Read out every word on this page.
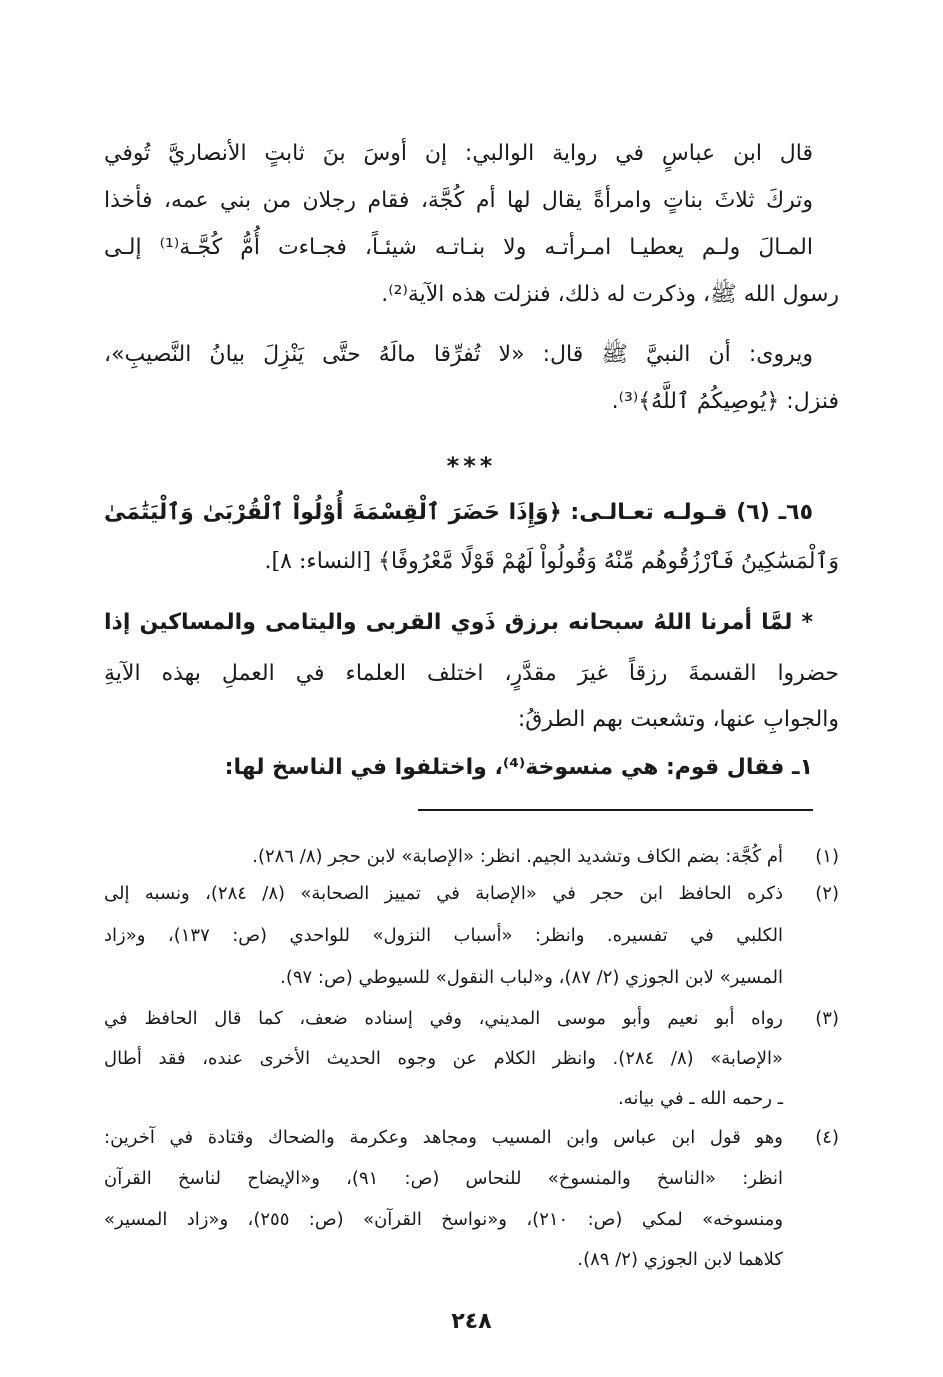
قال ابن عباسٍ في رواية الوالبي: إن أوسَ بنَ ثابتٍ الأنصاريَّ تُوفي
وتركَ ثلاثَ بناتٍ وامرأةً يقال لها أم كُجَّة، فقام رجلان من بني عمه، فأخذا
المـالَ ولـم يعطيـا امـرأتـه ولا بنـاتـه شيئـاً، فجـاءت أُمُّ كُجَّـة⁽¹⁾ إلـى
رسول الله ﷺ، وذكرت له ذلك، فنزلت هذه الآية⁽²⁾.
ويروى: أن النبيَّ ﷺ قال: «لا تُفرِّقا مالَهُ حتَّى يَنْزِلَ بيانُ النَّصيبِ»،
فنزل: ﴿يُوصِيكُمُ ٱللَّهُ﴾⁽³⁾.
***
٦٥ـ (٦) قـولـه تعـالـى: ﴿وَإِذَا حَضَرَ ٱلْقِسْمَةَ أُوْلُواْ ٱلْقُرْبَىٰ وَٱلْيَتَٰمَىٰ
وَٱلْمَسَٰكِينُ فَٱرْزُقُوهُم مِّنْهُ وَقُولُواْ لَهُمْ قَوْلًا مَّعْرُوفًا﴾ [النساء: ٨].
* لمَّا أمرنا اللهُ سبحانه برزق ذَوي القربى واليتامى والمساكين إذا
حضروا القسمةَ رزقاً غيرَ مقدَّرٍ، اختلف العلماء في العملِ بهذه الآيةِ
والجوابِ عنها، وتشعبت بهم الطرقُ:
١ـ فقال قوم: هي منسوخة⁽⁴⁾، واختلفوا في الناسخ لها:
(١)
أم كُجَّة: بضم الكاف وتشديد الجيم. انظر: «الإصابة» لابن حجر (٨/ ٢٨٦).
(٢)
ذكره الحافظ ابن حجر في «الإصابة في تمييز الصحابة» (٨/ ٢٨٤)، ونسبه إلى
الكلبي في تفسيره. وانظر: «أسباب النزول» للواحدي (ص: ١٣٧)، و«زاد
المسير» لابن الجوزي (٢/ ٨٧)، و«لباب النقول» للسيوطي (ص: ٩٧).
(٣)
رواه أبو نعيم وأبو موسى المديني، وفي إسناده ضعف، كما قال الحافظ في
«الإصابة» (٨/ ٢٨٤). وانظر الكلام عن وجوه الحديث الأخرى عنده، فقد أطال
ـ رحمه الله ـ في بيانه.
(٤)
وهو قول ابن عباس وابن المسيب ومجاهد وعكرمة والضحاك وقتادة في آخرين:
انظر: «الناسخ والمنسوخ» للنحاس (ص: ٩١)، و«الإيضاح لناسخ القرآن
ومنسوخه» لمكي (ص: ٢١٠)، و«نواسخ القرآن» (ص: ٢٥٥)، و«زاد المسير»
كلاهما لابن الجوزي (٢/ ٨٩).
٢٤٨
